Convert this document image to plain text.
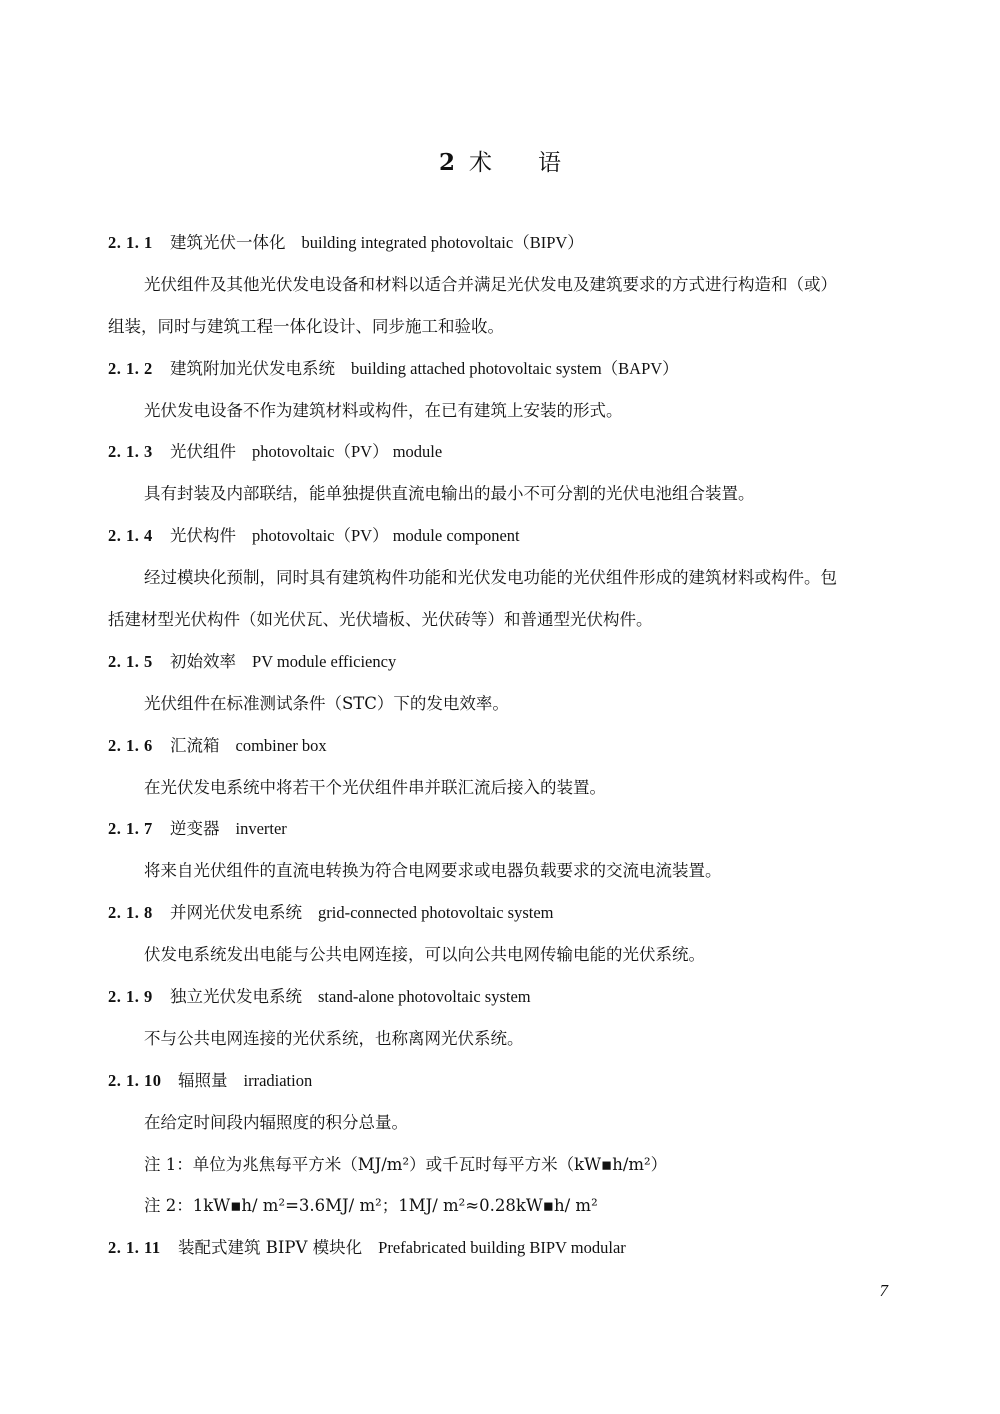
2 术 语
2. 1. 1 建筑光伏一体化 building integrated photovoltaic（BIPV）
光伏组件及其他光伏发电设备和材料以适合并满足光伏发电及建筑要求的方式进行构造和（或）
组装，同时与建筑工程一体化设计、同步施工和验收。
2. 1. 2 建筑附加光伏发电系统 building attached photovoltaic system（BAPV）
光伏发电设备不作为建筑材料或构件，在已有建筑上安装的形式。
2. 1. 3 光伏组件 photovoltaic（PV） module
具有封装及内部联结，能单独提供直流电输出的最小不可分割的光伏电池组合装置。
2. 1. 4 光伏构件 photovoltaic（PV） module component
经过模块化预制，同时具有建筑构件功能和光伏发电功能的光伏组件形成的建筑材料或构件。包
括建材型光伏构件（如光伏瓦、光伏墙板、光伏砖等）和普通型光伏构件。
2. 1. 5 初始效率 PV module efficiency
光伏组件在标准测试条件（STC）下的发电效率。
2. 1. 6 汇流箱 combiner box
在光伏发电系统中将若干个光伏组件串并联汇流后接入的装置。
2. 1. 7 逆变器 inverter
将来自光伏组件的直流电转换为符合电网要求或电器负载要求的交流电流装置。
2. 1. 8 并网光伏发电系统 grid-connected photovoltaic system
伏发电系统发出电能与公共电网连接，可以向公共电网传输电能的光伏系统。
2. 1. 9 独立光伏发电系统 stand-alone photovoltaic system
不与公共电网连接的光伏系统，也称离网光伏系统。
2. 1. 10 辐照量 irradiation
在给定时间段内辐照度的积分总量。
注 1：单位为兆焦每平方米（MJ/m²）或千瓦时每平方米（kW▪h/m²）
注 2：1kW▪h/ m²=3.6MJ/ m²；1MJ/ m²≈0.28kW▪h/ m²
2. 1. 11 装配式建筑 BIPV 模块化 Prefabricated building BIPV modular
7
